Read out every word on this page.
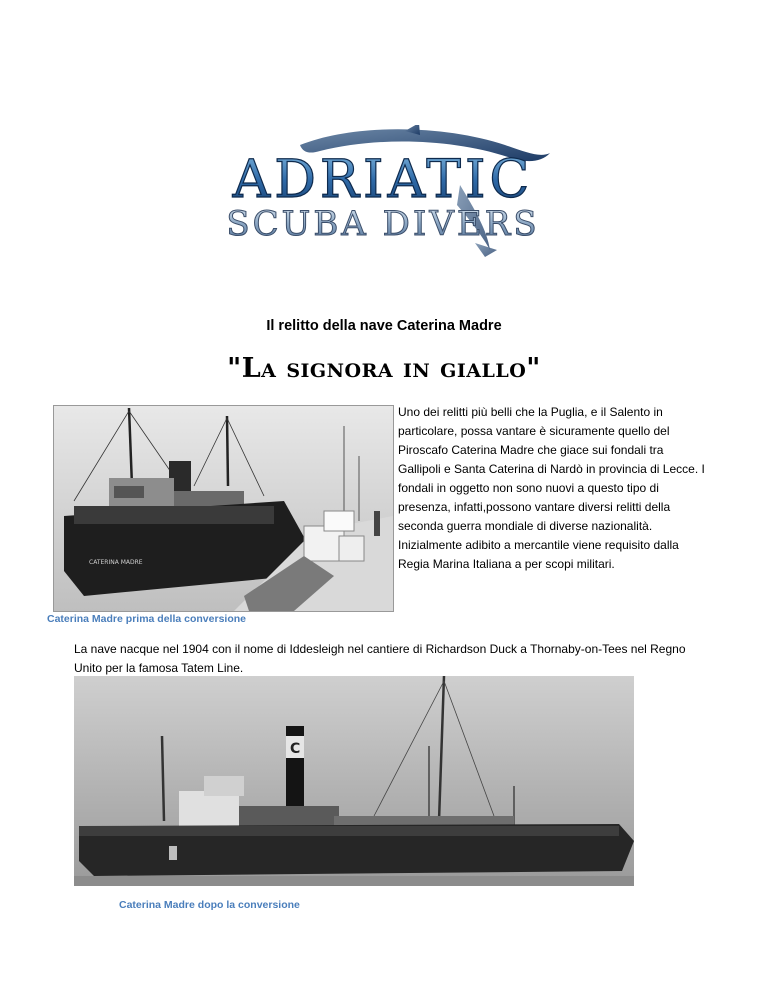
ADRIATIC
SCUBA DIVERS
Il relitto della nave Caterina Madre
"La signora in giallo"
CATERINA MADRE
Caterina Madre prima della conversione
Uno dei relitti più belli che la Puglia, e il Salento in particolare, possa vantare è sicuramente quello del Piroscafo Caterina Madre che giace sui fondali tra Gallipoli e Santa Caterina di Nardò in provincia di Lecce. I fondali in oggetto non sono nuovi a questo tipo di presenza, infatti,possono vantare diversi relitti della seconda guerra mondiale di diverse nazionalità. Inizialmente adibito a mercantile viene requisito dalla Regia Marina Italiana a per scopi militari.
La nave nacque nel 1904 con il nome di Iddesleigh nel cantiere di Richardson Duck a Thornaby-on-Tees nel Regno Unito per la famosa Tatem Line.
C
Caterina Madre dopo la conversione
